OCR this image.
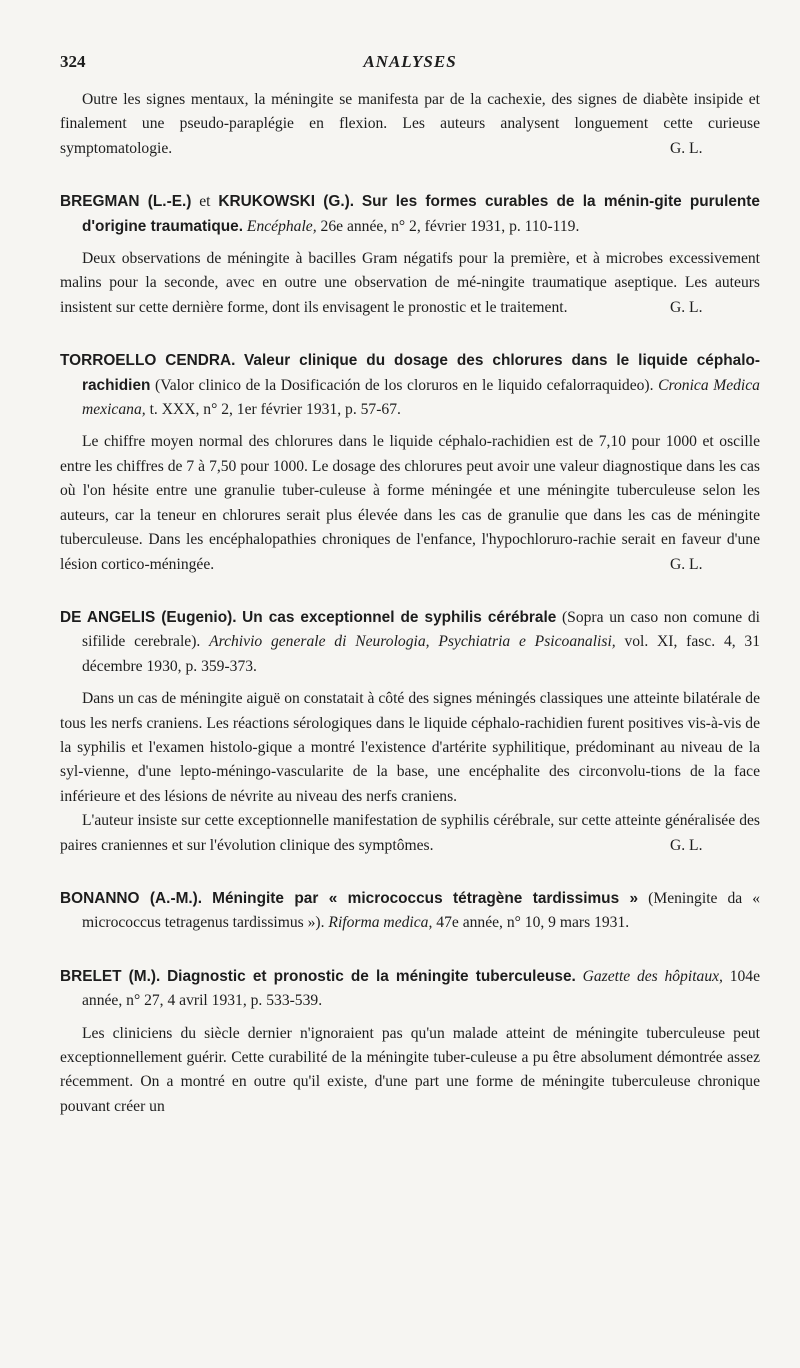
324	ANALYSES

Outre les signes mentaux, la méningite se manifesta par de la cachexie, des signes de diabète insipide et finalement une pseudo-paraplégie en flexion. Les auteurs analysent longuement cette curieuse symptomatologie.	G. L.

BREGMAN (L.-E.) et KRUKOWSKI (G.). Sur les formes curables de la ménin-gite purulente d'origine traumatique. Encéphale, 26e année, n° 2, février 1931, p. 110-119.

Deux observations de méningite à bacilles Gram négatifs pour la première, et à microbes excessivement malins pour la seconde, avec en outre une observation de mé-ningite traumatique aseptique. Les auteurs insistent sur cette dernière forme, dont ils envisagent le pronostic et le traitement.	G. L.

TORROELLO CENDRA. Valeur clinique du dosage des chlorures dans le liquide céphalo-rachidien (Valor clinico de la Dosificación de los cloruros en le liquido cefalorraquideo). Cronica Medica mexicana, t. XXX, n° 2, 1er février 1931, p. 57-67.

Le chiffre moyen normal des chlorures dans le liquide céphalo-rachidien est de 7,10 pour 1000 et oscille entre les chiffres de 7 à 7,50 pour 1000. Le dosage des chlorures peut avoir une valeur diagnostique dans les cas où l'on hésite entre une granulie tuber-culeuse à forme méningée et une méningite tuberculeuse selon les auteurs, car la teneur en chlorures serait plus élevée dans les cas de granulie que dans les cas de méningite tuberculeuse. Dans les encéphalopathies chroniques de l'enfance, l'hypochloruro-rachie serait en faveur d'une lésion cortico-méningée.	G. L.

DE ANGELIS (Eugenio). Un cas exceptionnel de syphilis cérébrale (Sopra un caso non comune di sifilide cerebrale). Archivio generale di Neurologia, Psychiatria e Psicoanalisi, vol. XI, fasc. 4, 31 décembre 1930, p. 359-373.

Dans un cas de méningite aiguë on constatait à côté des signes méningés classiques une atteinte bilatérale de tous les nerfs craniens. Les réactions sérologiques dans le liquide céphalo-rachidien furent positives vis-à-vis de la syphilis et l'examen histolo-gique a montré l'existence d'artérite syphilitique, prédominant au niveau de la syl-vienne, d'une lepto-méningo-vascularite de la base, une encéphalite des circonvolu-tions de la face inférieure et des lésions de névrite au niveau des nerfs craniens.

L'auteur insiste sur cette exceptionnelle manifestation de syphilis cérébrale, sur cette atteinte généralisée des paires craniennes et sur l'évolution clinique des symptômes.	G. L.

BONANNO (A.-M.). Méningite par « micrococcus tétragène tardissimus » (Meningite da « micrococcus tetragenus tardissimus »). Riforma medica, 47e année, n° 10, 9 mars 1931.

BRELET (M.). Diagnostic et pronostic de la méningite tuberculeuse. Gazette des hôpitaux, 104e année, n° 27, 4 avril 1931, p. 533-539.

Les cliniciens du siècle dernier n'ignoraient pas qu'un malade atteint de méningite tuberculeuse peut exceptionnellement guérir. Cette curabilité de la méningite tuber-culeuse a pu être absolument démontrée assez récemment. On a montré en outre qu'il existe, d'une part une forme de méningite tuberculeuse chronique pouvant créer un
